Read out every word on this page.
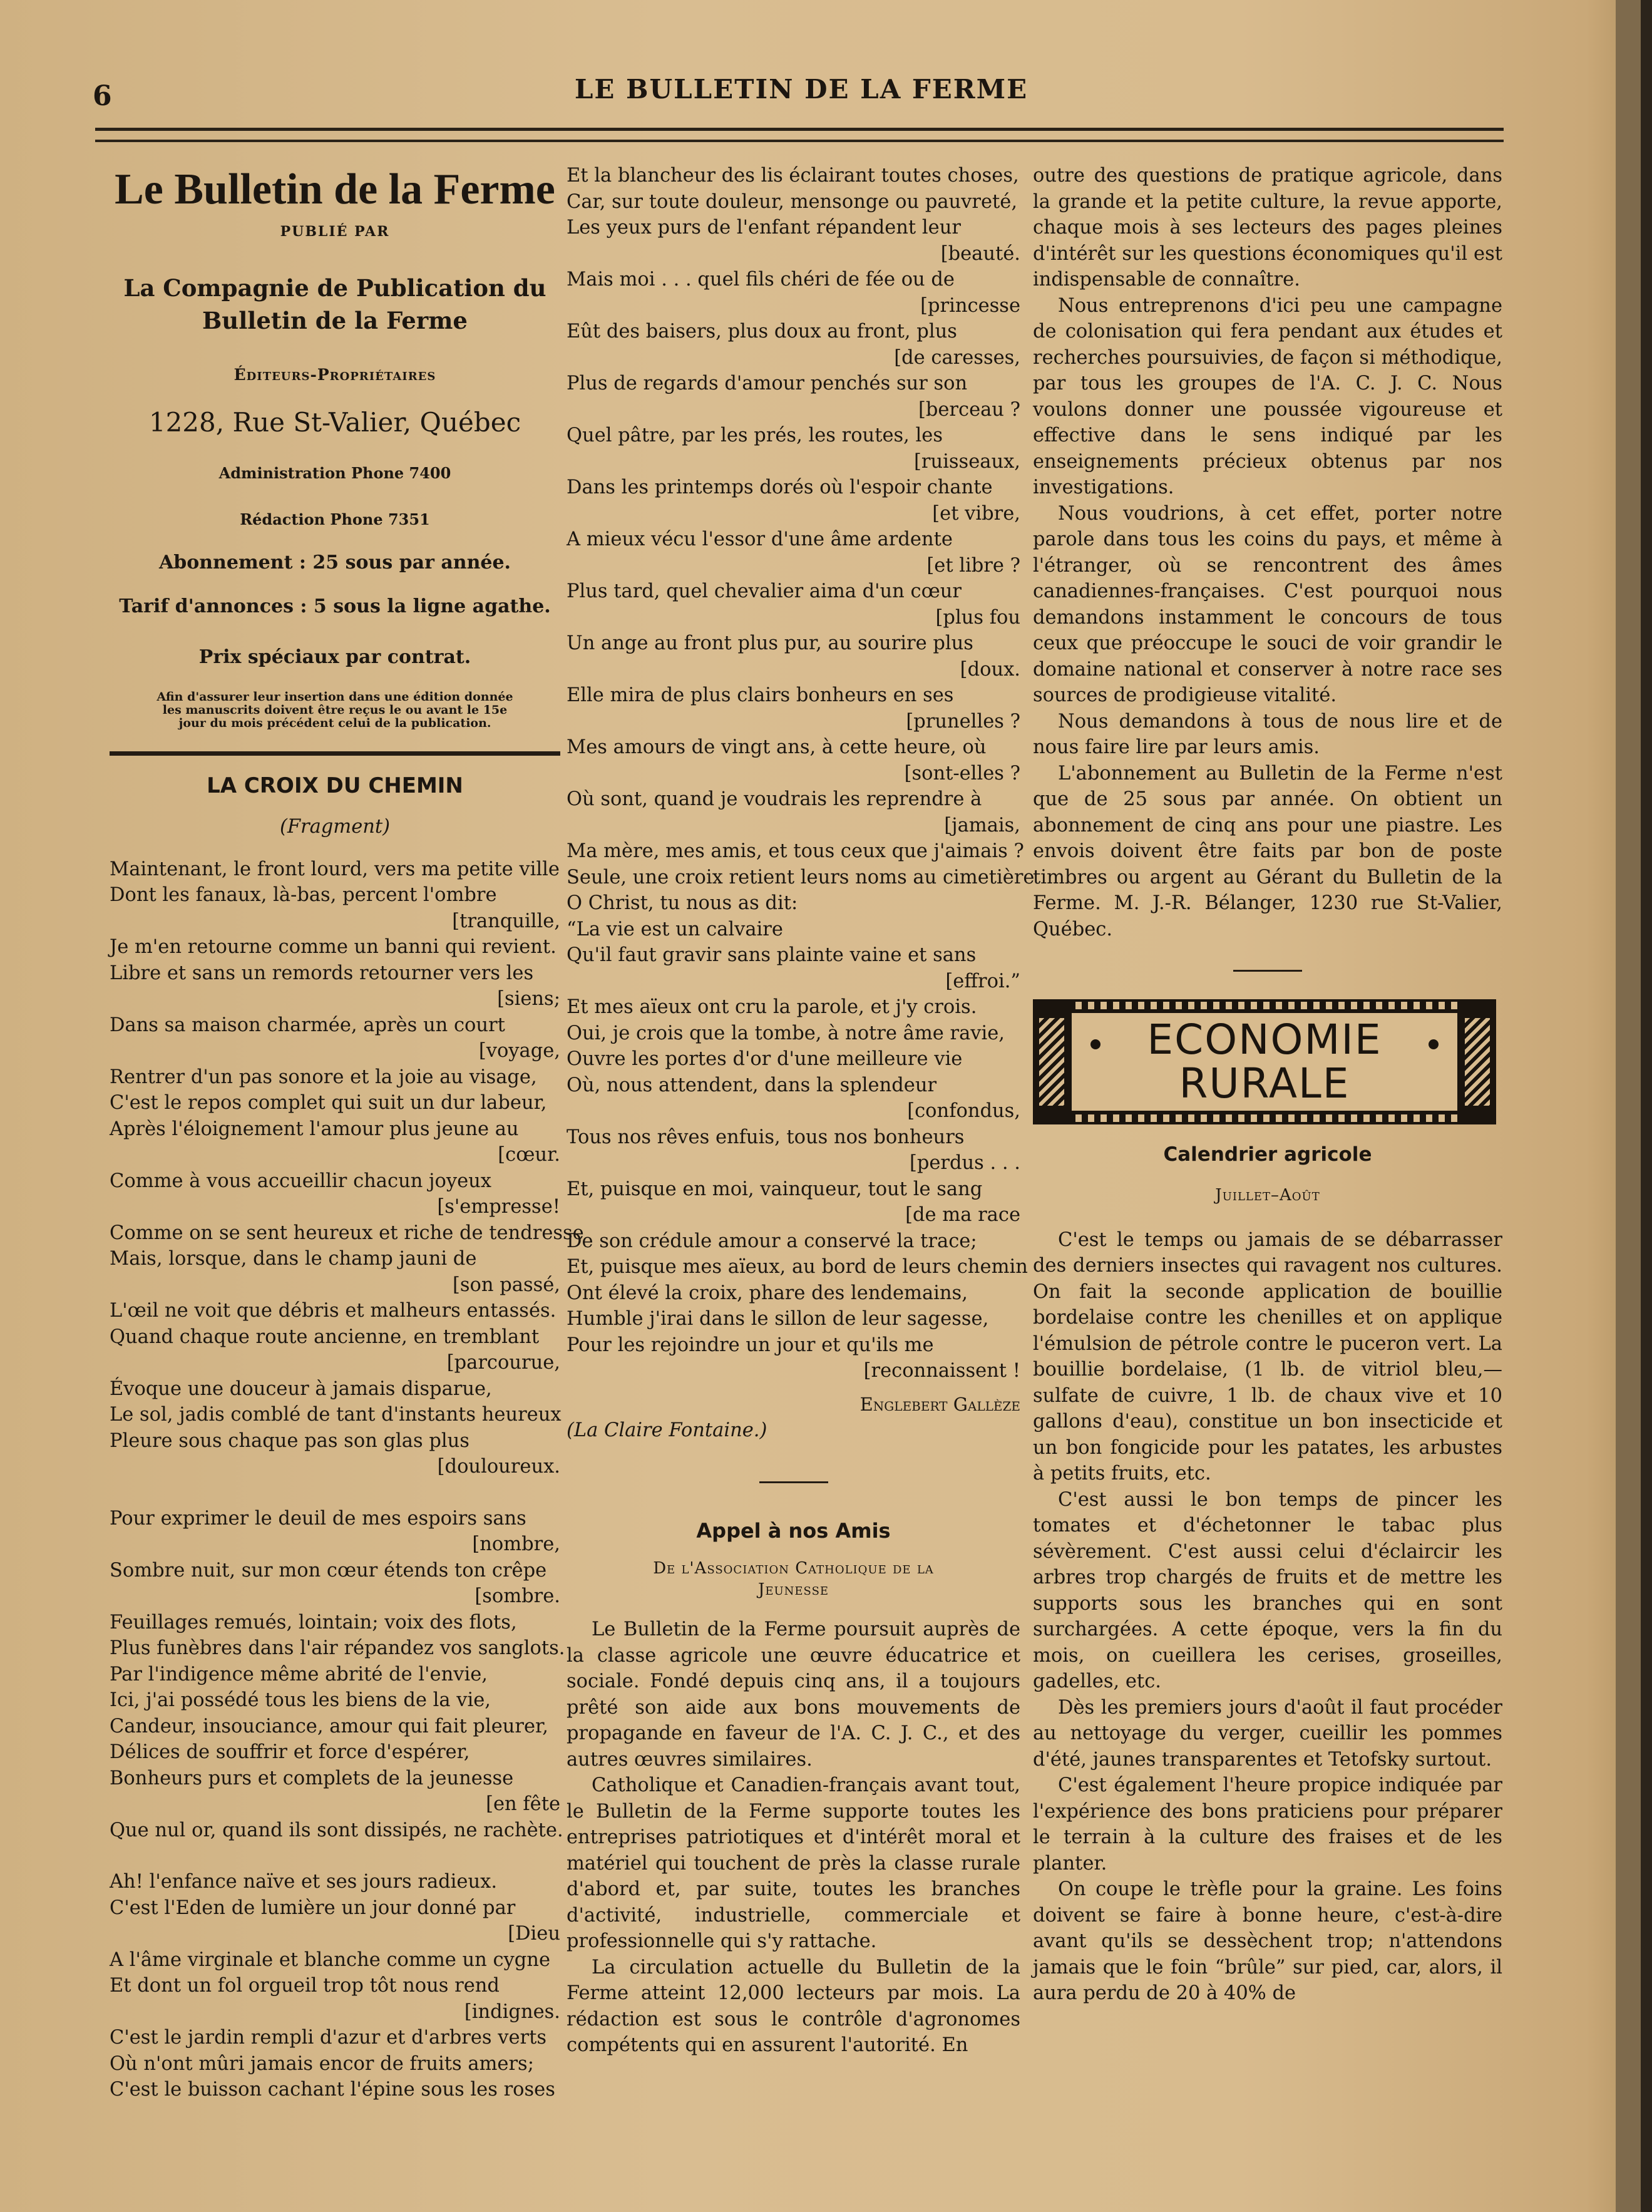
6	LE BULLETIN DE LA FERME
Le Bulletin de la Ferme
PUBLIÉ PAR
La Compagnie de Publication du
Bulletin de la Ferme
Éditeurs-Propriétaires
1228, Rue St-Valier, Québec
Administration Phone 7400
Rédaction Phone 7351
Abonnement : 25 sous par année.
Tarif d'annonces : 5 sous la ligne agathe.
Prix spéciaux par contrat.
Afin d'assurer leur insertion dans une édition donnée
les manuscrits doivent être reçus le ou avant le 15e
jour du mois précédent celui de la publication.
LA CROIX DU CHEMIN
(Fragment)
Maintenant, le front lourd, vers ma petite ville
Dont les fanaux, là-bas, percent l'ombre
[tranquille,
Je m'en retourne comme un banni qui revient.
Libre et sans un remords retourner vers les
[siens;
Dans sa maison charmée, après un court
[voyage,
Rentrer d'un pas sonore et la joie au visage,
C'est le repos complet qui suit un dur labeur,
Après l'éloignement l'amour plus jeune au
[cœur.
Comme à vous accueillir chacun joyeux
[s'empresse!
Comme on se sent heureux et riche de tendresse
Mais, lorsque, dans le champ jauni de
[son passé,
L'œil ne voit que débris et malheurs entassés.
Quand chaque route ancienne, en tremblant
[parcourue,
Évoque une douceur à jamais disparue,
Le sol, jadis comblé de tant d'instants heureux
Pleure sous chaque pas son glas plus
[douloureux.
Pour exprimer le deuil de mes espoirs sans
[nombre,
Sombre nuit, sur mon cœur étends ton crêpe
[sombre.
Feuillages remués, lointain; voix des flots,
Plus funèbres dans l'air répandez vos sanglots.
Par l'indigence même abrité de l'envie,
Ici, j'ai possédé tous les biens de la vie,
Candeur, insouciance, amour qui fait pleurer,
Délices de souffrir et force d'espérer,
Bonheurs purs et complets de la jeunesse
[en fête
Que nul or, quand ils sont dissipés, ne rachète.
Ah! l'enfance naïve et ses jours radieux.
C'est l'Eden de lumière un jour donné par
[Dieu
A l'âme virginale et blanche comme un cygne
Et dont un fol orgueil trop tôt nous rend
[indignes.
C'est le jardin rempli d'azur et d'arbres verts
Où n'ont mûri jamais encor de fruits amers;
C'est le buisson cachant l'épine sous les roses
Et la blancheur des lis éclairant toutes choses,
Car, sur toute douleur, mensonge ou pauvreté,
Les yeux purs de l'enfant répandent leur
[beauté.
Mais moi . . . quel fils chéri de fée ou de
[princesse
Eût des baisers, plus doux au front, plus
[de caresses,
Plus de regards d'amour penchés sur son
[berceau ?
Quel pâtre, par les prés, les routes, les
[ruisseaux,
Dans les printemps dorés où l'espoir chante
[et vibre,
A mieux vécu l'essor d'une âme ardente
[et libre ?
Plus tard, quel chevalier aima d'un cœur
[plus fou
Un ange au front plus pur, au sourire plus
[doux.
Elle mira de plus clairs bonheurs en ses
[prunelles ?
Mes amours de vingt ans, à cette heure, où
[sont-elles ?
Où sont, quand je voudrais les reprendre à
[jamais,
Ma mère, mes amis, et tous ceux que j'aimais ?
Seule, une croix retient leurs noms au cimetière
O Christ, tu nous as dit:
“La vie est un calvaire
Qu'il faut gravir sans plainte vaine et sans
[effroi.”
Et mes aïeux ont cru la parole, et j'y crois.
Oui, je crois que la tombe, à notre âme ravie,
Ouvre les portes d'or d'une meilleure vie
Où, nous attendent, dans la splendeur
[confondus,
Tous nos rêves enfuis, tous nos bonheurs
[perdus . . .
Et, puisque en moi, vainqueur, tout le sang
[de ma race
De son crédule amour a conservé la trace;
Et, puisque mes aïeux, au bord de leurs chemin
Ont élevé la croix, phare des lendemains,
Humble j'irai dans le sillon de leur sagesse,
Pour les rejoindre un jour et qu'ils me
[reconnaissent !
Englebert Gallèze
(La Claire Fontaine.)
Appel à nos Amis
De l'Association Catholique de la
Jeunesse

Le Bulletin de la Ferme poursuit auprès de la classe agricole une œuvre éducatrice et sociale. Fondé depuis cinq ans, il a toujours prêté son aide aux bons mouvements de propagande en faveur de l'A. C. J. C., et des autres œuvres similaires.

Catholique et Canadien-français avant tout, le Bulletin de la Ferme supporte toutes les entreprises patriotiques et d'intérêt moral et matériel qui touchent de près la classe rurale d'abord et, par suite, toutes les branches d'activité, industrielle, commerciale et professionnelle qui s'y rattache.

La circulation actuelle du Bulletin de la Ferme atteint 12,000 lecteurs par mois. La rédaction est sous le contrôle d'agronomes compétents qui en assurent l'autorité. En

outre des questions de pratique agricole, dans la grande et la petite culture, la revue apporte, chaque mois à ses lecteurs des pages pleines d'intérêt sur les questions économiques qu'il est indispensable de connaître.

Nous entreprenons d'ici peu une campagne de colonisation qui fera pendant aux études et recherches poursuivies, de façon si méthodique, par tous les groupes de l'A. C. J. C. Nous voulons donner une poussée vigoureuse et effective dans le sens indiqué par les enseignements précieux obtenus par nos investigations.

Nous voudrions, à cet effet, porter notre parole dans tous les coins du pays, et même à l'étranger, où se rencontrent des âmes canadiennes-françaises. C'est pourquoi nous demandons instamment le concours de tous ceux que préoccupe le souci de voir grandir le domaine national et conserver à notre race ses sources de prodigieuse vitalité.

Nous demandons à tous de nous lire et de nous faire lire par leurs amis.

L'abonnement au Bulletin de la Ferme n'est que de 25 sous par année. On obtient un abonnement de cinq ans pour une piastre. Les envois doivent être faits par bon de poste timbres ou argent au Gérant du Bulletin de la Ferme. M. J.-R. Bélanger, 1230 rue St-Valier, Québec.

ECONOMIE
RURALE
Calendrier agricole
Juillet–Août

C'est le temps ou jamais de se débarrasser des derniers insectes qui ravagent nos cultures. On fait la seconde application de bouillie bordelaise contre les chenilles et on applique l'émulsion de pétrole contre le puceron vert. La bouillie bordelaise, (1 lb. de vitriol bleu,—sulfate de cuivre, 1 lb. de chaux vive et 10 gallons d'eau), constitue un bon insecticide et un bon fongicide pour les patates, les arbustes à petits fruits, etc.

C'est aussi le bon temps de pincer les tomates et d'échetonner le tabac plus sévèrement. C'est aussi celui d'éclaircir les arbres trop chargés de fruits et de mettre les supports sous les branches qui en sont surchargées. A cette époque, vers la fin du mois, on cueillera les cerises, groseilles, gadelles, etc.

Dès les premiers jours d'août il faut procéder au nettoyage du verger, cueillir les pommes d'été, jaunes transparentes et Tetofsky surtout.

C'est également l'heure propice indiquée par l'expérience des bons praticiens pour préparer le terrain à la culture des fraises et de les planter.

On coupe le trèfle pour la graine. Les foins doivent se faire à bonne heure, c'est-à-dire avant qu'ils se dessèchent trop; n'attendons jamais que le foin “brûle” sur pied, car, alors, il aura perdu de 20 à 40% de
